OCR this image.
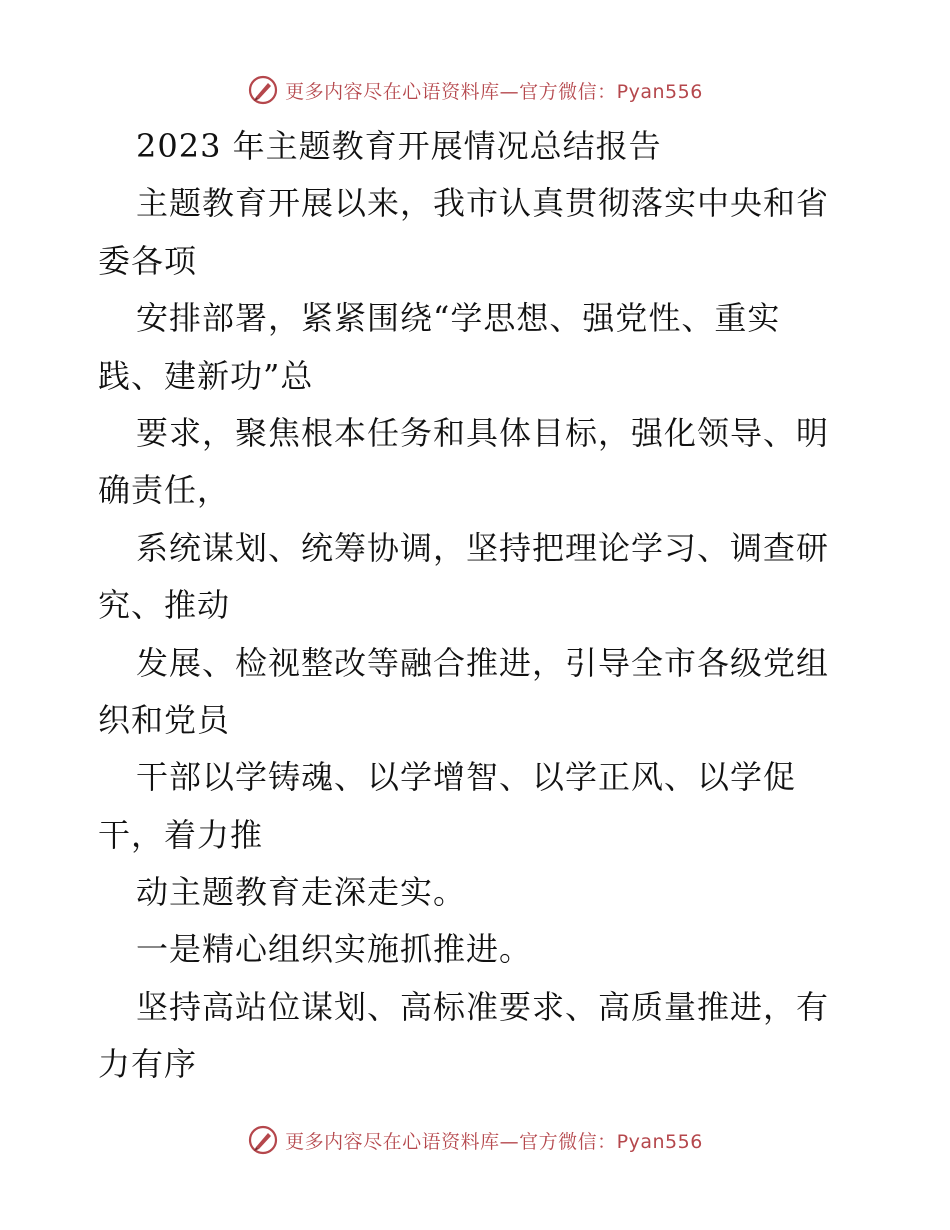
更多内容尽在心语资料库—官方微信：Pyan556
2023 年主题教育开展情况总结报告
主题教育开展以来，我市认真贯彻落实中央和省
委各项
安排部署，紧紧围绕“学思想、强党性、重实
践、建新功”总
要求，聚焦根本任务和具体目标，强化领导、明
确责任，
系统谋划、统筹协调，坚持把理论学习、调查研
究、推动
发展、检视整改等融合推进，引导全市各级党组
织和党员
干部以学铸魂、以学增智、以学正风、以学促
干，着力推
动主题教育走深走实。
一是精心组织实施抓推进。
坚持高站位谋划、高标准要求、高质量推进，有
力有序
更多内容尽在心语资料库—官方微信：Pyan556
